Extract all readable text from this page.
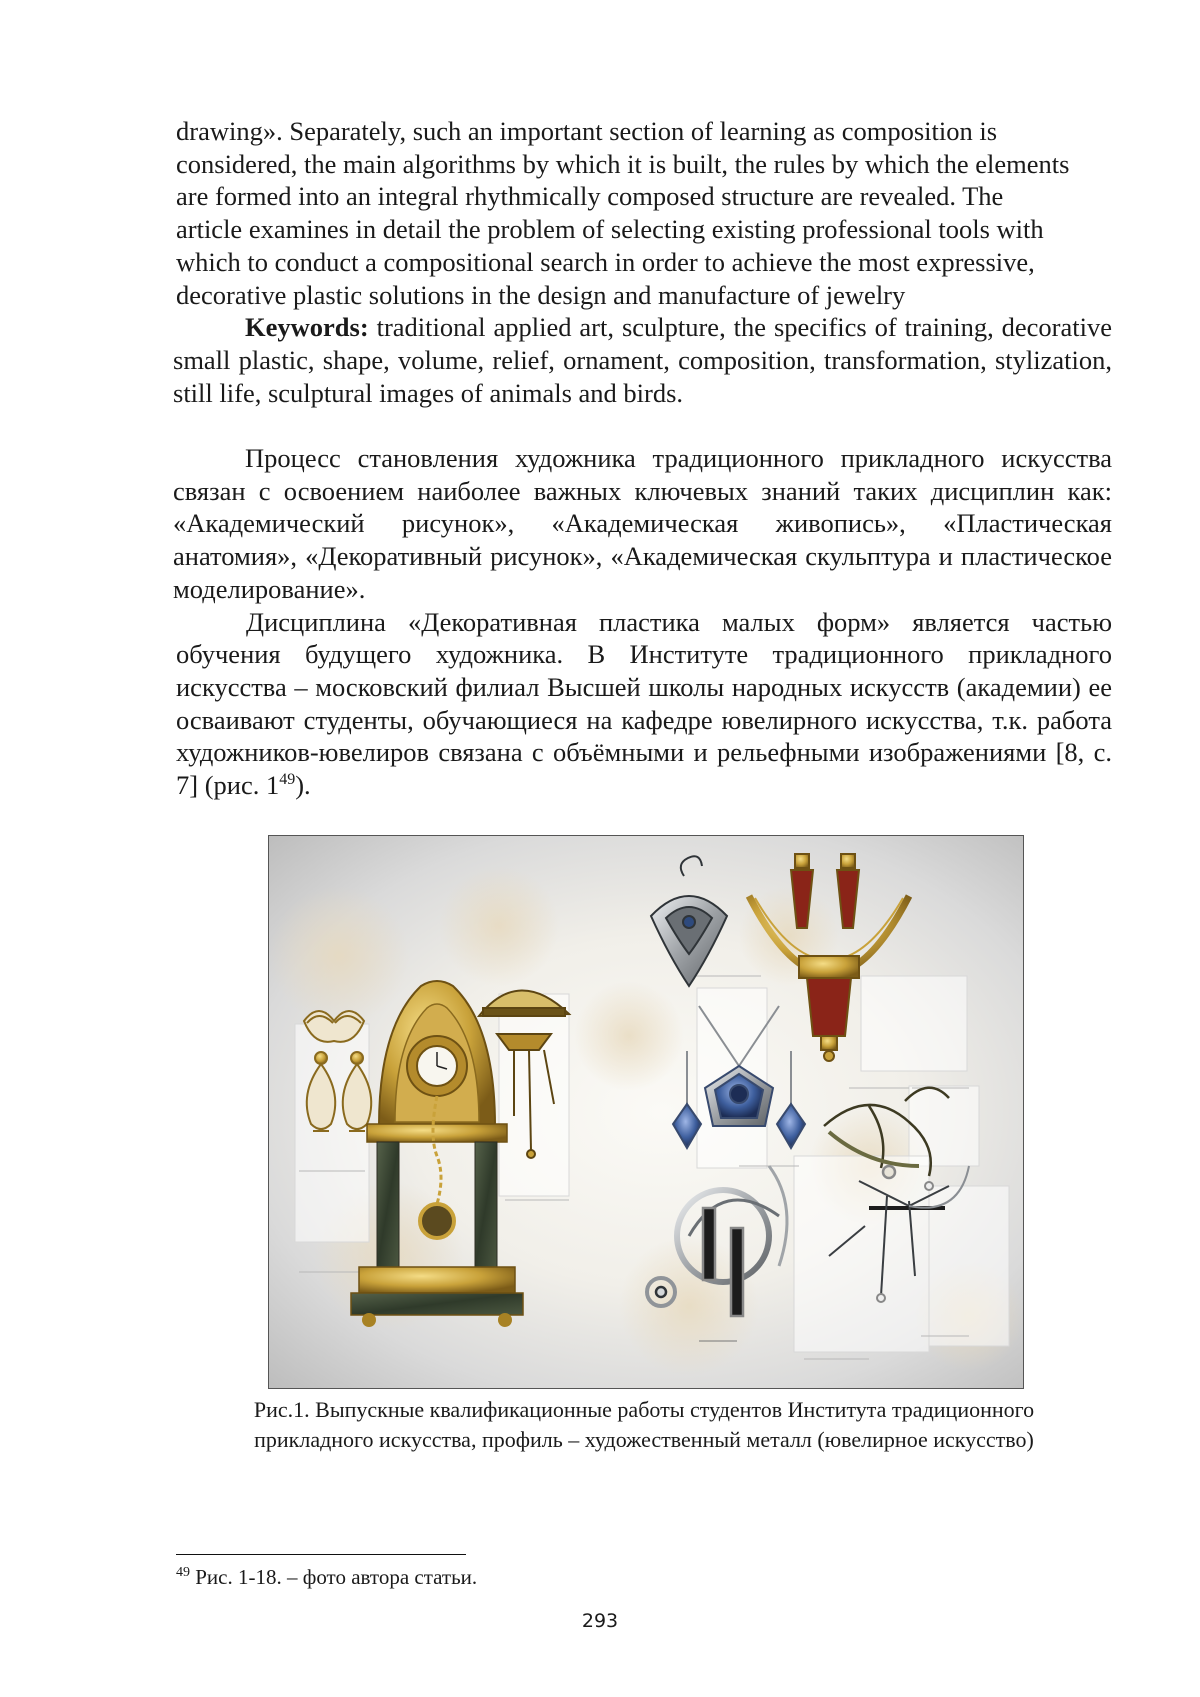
drawing». Separately, such an important section of learning as composition is

considered, the main algorithms by which it is built, the rules by which the elements

are formed into an integral rhythmically composed structure are revealed. The

article examines in detail the problem of selecting existing professional tools with

which to conduct a compositional search in order to achieve the most expressive,

decorative plastic solutions in the design and manufacture of jewelry

Keywords: traditional applied art, sculpture, the specifics of training, decorative small plastic, shape, volume, relief, ornament, composition, transformation, stylization, still life, sculptural images of animals and birds.

Процесс становления художника традиционного прикладного искусства связан с освоением наиболее важных ключевых знаний таких дисциплин как: «Академический рисунок», «Академическая живопись», «Пластическая анатомия», «Декоративный рисунок», «Академическая скульптура и пластическое моделирование».

Дисциплина «Декоративная пластика малых форм» является частью обучения будущего художника. В Институте традиционного прикладного искусства – московский филиал Высшей школы народных искусств (академии) ее осваивают студенты, обучающиеся на кафедре ювелирного искусства, т.к. работа художников-ювелиров связана с объёмными и рельефными изображениями [8, с. 7] (рис. $1^{49}$).

Рис.1. Выпускные квалификационные работы студентов Института традиционного

прикладного искусства, профиль – художественный металл (ювелирное искусство)

$^{49}$ Рис. 1-18. – фото автора статьи.
293
